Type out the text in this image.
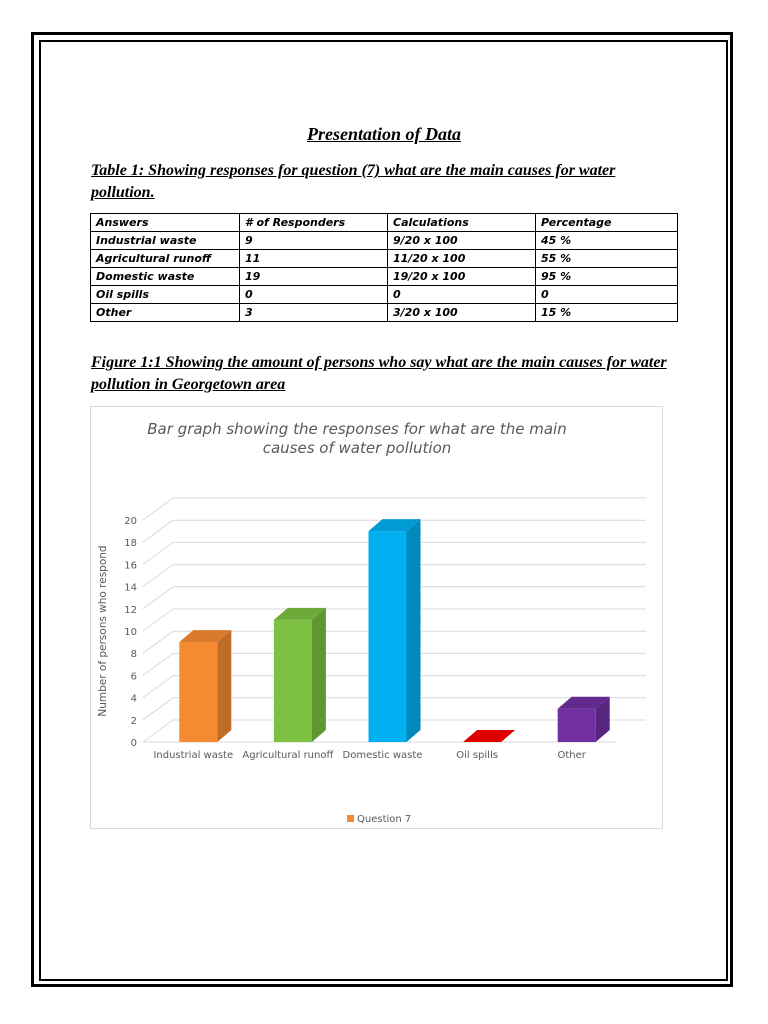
Presentation of Data

Table 1: Showing responses for question (7) what are the main causes for water pollution.

Answers	# of Responders	Calculations	Percentage
Industrial waste	9	9/20 x 100	45 %
Agricultural runoff	11	11/20 x 100	55 %
Domestic waste	19	19/20 x 100	95 %
Oil spills	0	0	0
Other	3	3/20 x 100	15 %

Figure 1:1 Showing the amount of persons who say what are the main causes for water pollution in Georgetown area

Bar graph showing the responses for what are the main
causes of water pollution
0
2
4
6
8
10
12
14
16
18
20
Number of persons who respond
Industrial waste Agricultural runoff Domestic waste	Oil spills	Other
Question 7
